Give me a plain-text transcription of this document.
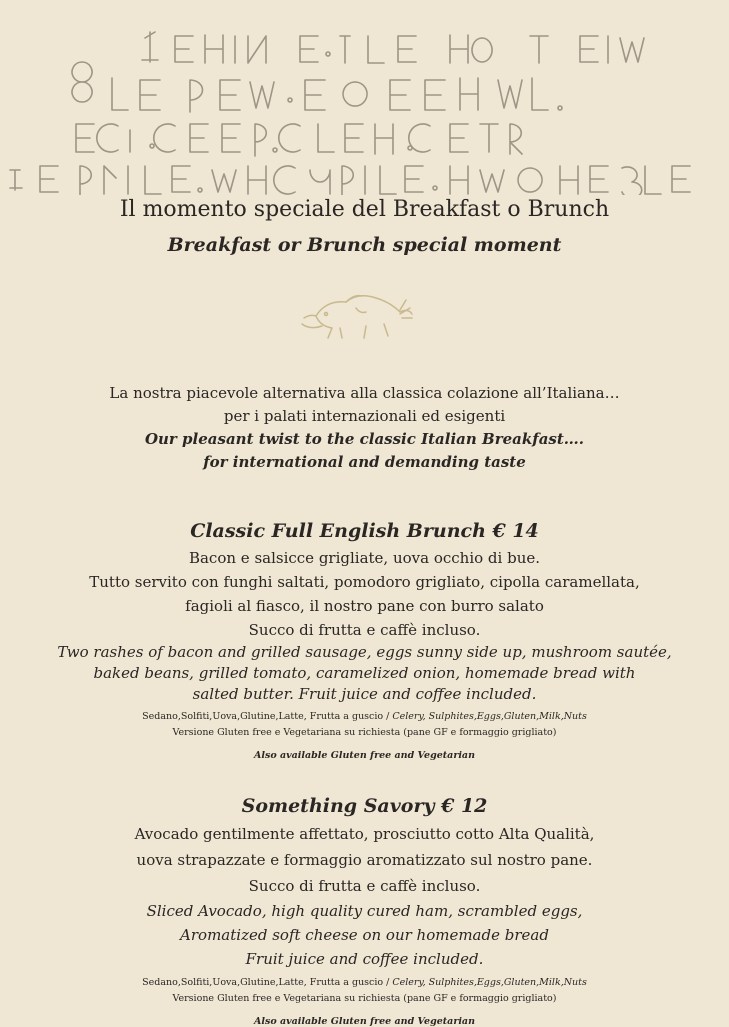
Il momento speciale del Breakfast o Brunch
Breakfast or Brunch special moment
La nostra piacevole alternativa alla classica colazione all’Italiana…
per i palati internazionali ed esigenti
Our pleasant twist to the classic Italian Breakfast….
for international and demanding taste
Classic Full English Brunch € 14
Bacon e salsicce grigliate, uova occhio di bue.
Tutto servito con funghi saltati, pomodoro grigliato, cipolla caramellata,
fagioli al fiasco, il nostro pane con burro salato
Succo di frutta e caffè incluso.
Two rashes of bacon and grilled sausage, eggs sunny side up, mushroom sautée,
baked beans, grilled tomato, caramelized onion, homemade bread with
salted butter. Fruit juice and coffee included.
Sedano,Solfiti,Uova,Glutine,Latte, Frutta a guscio / Celery, Sulphites,Eggs,Gluten,Milk,Nuts
Versione Gluten free e Vegetariana su richiesta (pane GF e formaggio grigliato)
Also available Gluten free and Vegetarian
Something Savory € 12
Avocado gentilmente affettato, prosciutto cotto Alta Qualità,
uova strapazzate e formaggio aromatizzato sul nostro pane.
Succo di frutta e caffè incluso.
Sliced Avocado, high quality cured ham, scrambled eggs,
Aromatized soft cheese on our homemade bread
Fruit juice and coffee included.
Sedano,Solfiti,Uova,Glutine,Latte, Frutta a guscio / Celery, Sulphites,Eggs,Gluten,Milk,Nuts
Versione Gluten free e Vegetariana su richiesta (pane GF e formaggio grigliato)
Also available Gluten free and Vegetarian
